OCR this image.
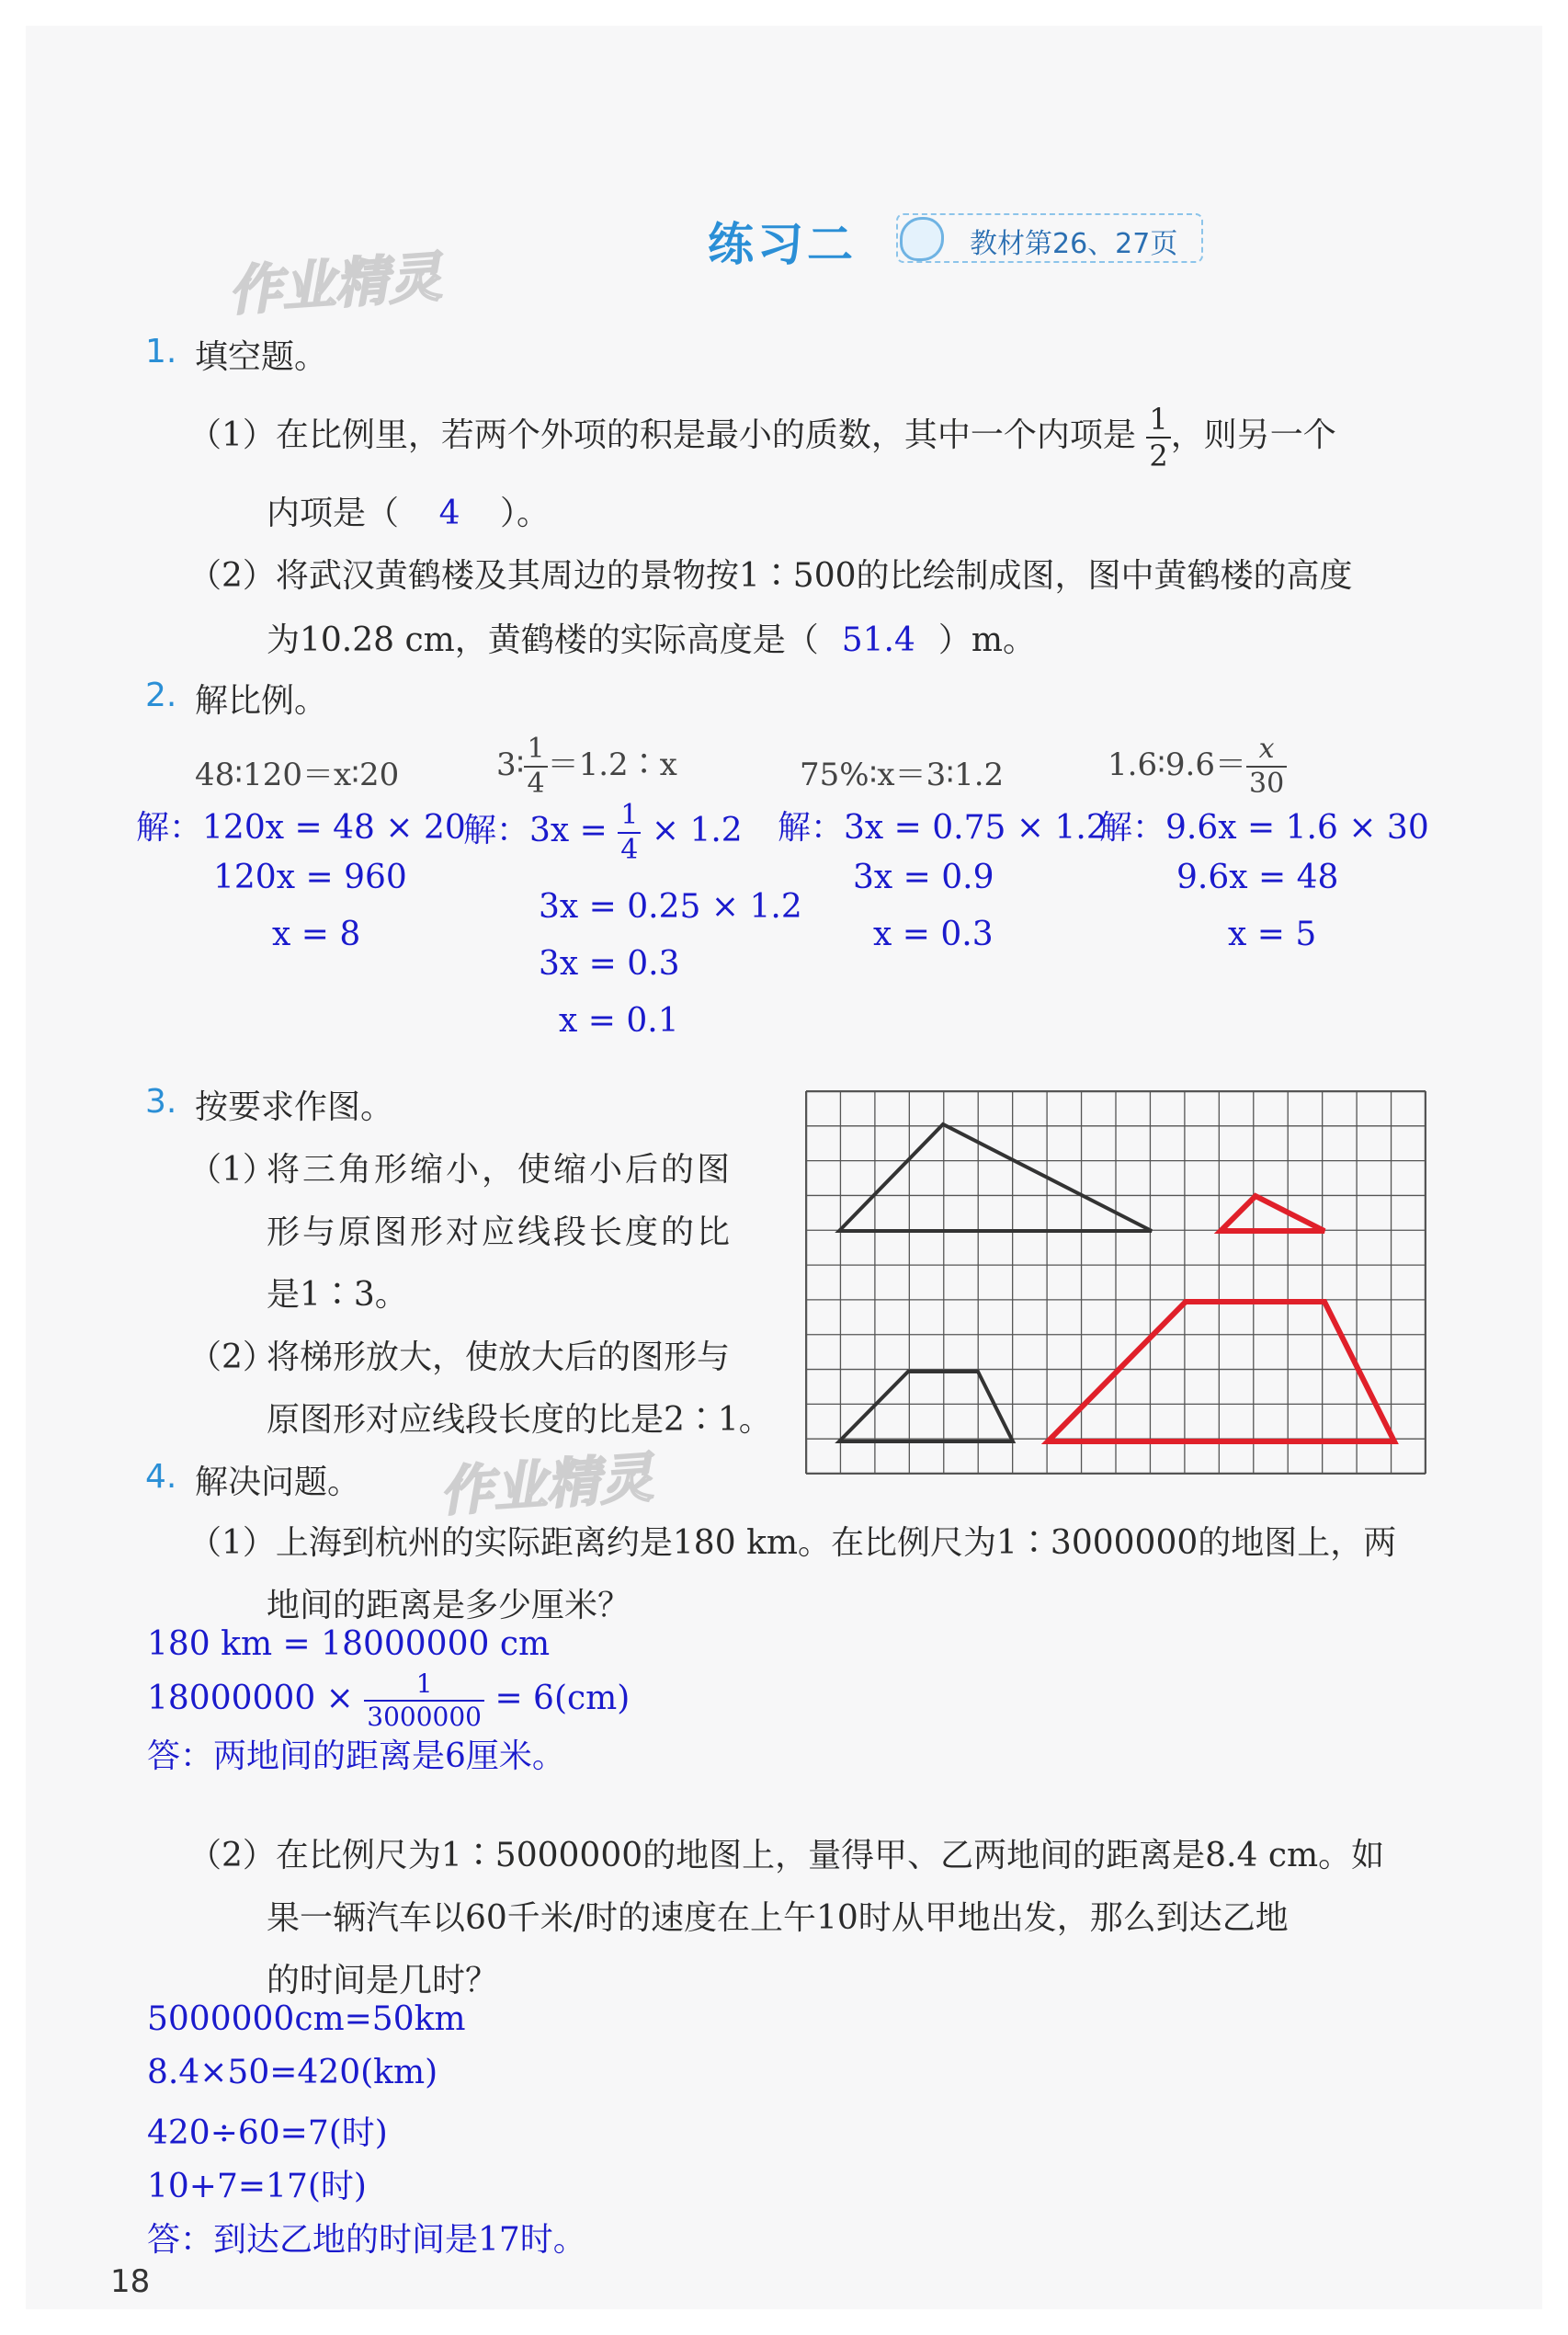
作业精灵
作业精灵
练习二	教材第26、27页
1. 填空题。
（1）在比例里，若两个外项的积是最小的质数，其中一个内项是 $\frac{1}{2}$ ，则另一个
内项是（ 4 ）。
（2）将武汉黄鹤楼及其周边的景物按1∶500的比绘制成图，图中黄鹤楼的高度
为10.28 cm，黄鹤楼的实际高度是（ 51.4 ）m。
2. 解比例。
48∶120＝x∶20	3∶ $\frac{1}{4}$ ＝1.2∶x	75%∶x＝3∶1.2	1.6∶9.6＝ $\frac{x}{30}$
解：120x = 48 × 20
120x = 960
x = 8
解：$3x = \frac{1}{4} \times 1.2$
3x = 0.25 × 1.2
3x = 0.3
x = 0.1
解：3x = 0.75 × 1.2
3x = 0.9
x = 0.3
解：9.6x = 1.6 × 30
9.6x = 48
x = 5
3. 按要求作图。
（1）
将三角形缩小，使缩小后的图
形与原图形对应线段长度的比
是1∶3。
（2）
将梯形放大，使放大后的图形与
原图形对应线段长度的比是2∶1。
4. 解决问题。
（1）上海到杭州的实际距离约是180 km。在比例尺为1∶3000000的地图上，两
地间的距离是多少厘米？
180 km = 18000000 cm
$18000000 \times \frac{1}{3000000} = 6(cm)$
答：两地间的距离是6厘米。
（2）在比例尺为1∶5000000的地图上，量得甲、乙两地间的距离是8.4 cm。如
果一辆汽车以60千米/时的速度在上午10时从甲地出发，那么到达乙地
的时间是几时？
5000000cm=50km
8.4×50=420(km)
420÷60=7(时)
10+7=17(时)
答：到达乙地的时间是17时。
18
